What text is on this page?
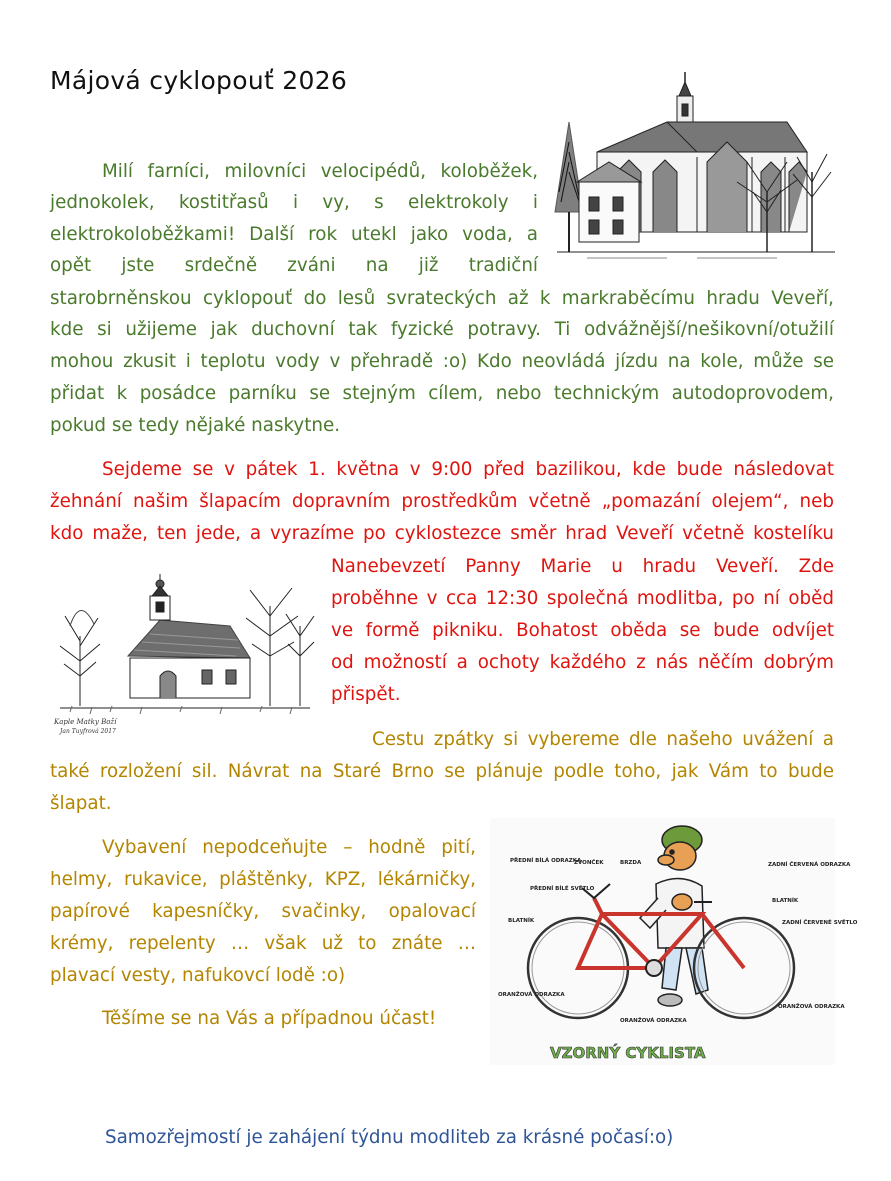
Májová cyklopouť 2026

Milí farníci, milovníci velocipédů, koloběžek,

jednokolek, kostitřasů i vy, s elektrokoly i

elektrokoloběžkami! Další rok utekl jako voda, a

opět jste srdečně zváni na již tradiční

starobrněnskou cyklopouť do lesů svrateckých až k markraběcímu hradu Veveří,

kde si užijeme jak duchovní tak fyzické potravy. Ti odvážnější/nešikovní/otužilí

mohou zkusit i teplotu vody v přehradě :o) Kdo neovládá jízdu na kole, může se

přidat k posádce parníku se stejným cílem, nebo technickým autodoprovodem,

pokud se tedy nějaké naskytne.

Sejdeme se v pátek 1. května v 9:00 před bazilikou, kde bude následovat

žehnání našim šlapacím dopravním prostředkům včetně „pomazání olejem“, neb

kdo maže, ten jede, a vyrazíme po cyklostezce směr hrad Veveří včetně kostelíku

Nanebevzetí Panny Marie u hradu Veveří. Zde

proběhne v cca 12:30 společná modlitba, po ní oběd

ve formě pikniku. Bohatost oběda se bude odvíjet

od možností a ochoty každého z nás něčím dobrým

přispět.

Kaple Matky Boží
Jan Tuyfrová 2017	Cestu zpátky si vybereme dle našeho uvážení a

také rozložení sil. Návrat na Staré Brno se plánuje podle toho, jak Vám to bude

šlapat.

Vybavení nepodceňujte – hodně pití,

helmy, rukavice, pláštěnky, KPZ, lékárničky,

papírové kapesníčky, svačinky, opalovací

krémy, repelenty … však už to znáte …

plavací vesty, nafukovcí lodě :o)

Těšíme se na Vás a případnou účast!

PŘEDNÍ BÍLÁ ODRAZKA
ZVONČEK	BRZDA
PŘEDNÍ BÍLÉ SVĚTLO
BLATNÍK
ZADNÍ ČERVENÁ ODRAZKA
BLATNÍK
ZADNÍ ČERVENÉ SVĚTLO
ORANŽOVÁ ODRAZKA
ORANŽOVÁ ODRAZKA
ORANŽOVÁ ODRAZKA
VZORNÝ CYKLISTA

Samozřejmostí je zahájení týdnu modliteb za krásné počasí:o)
